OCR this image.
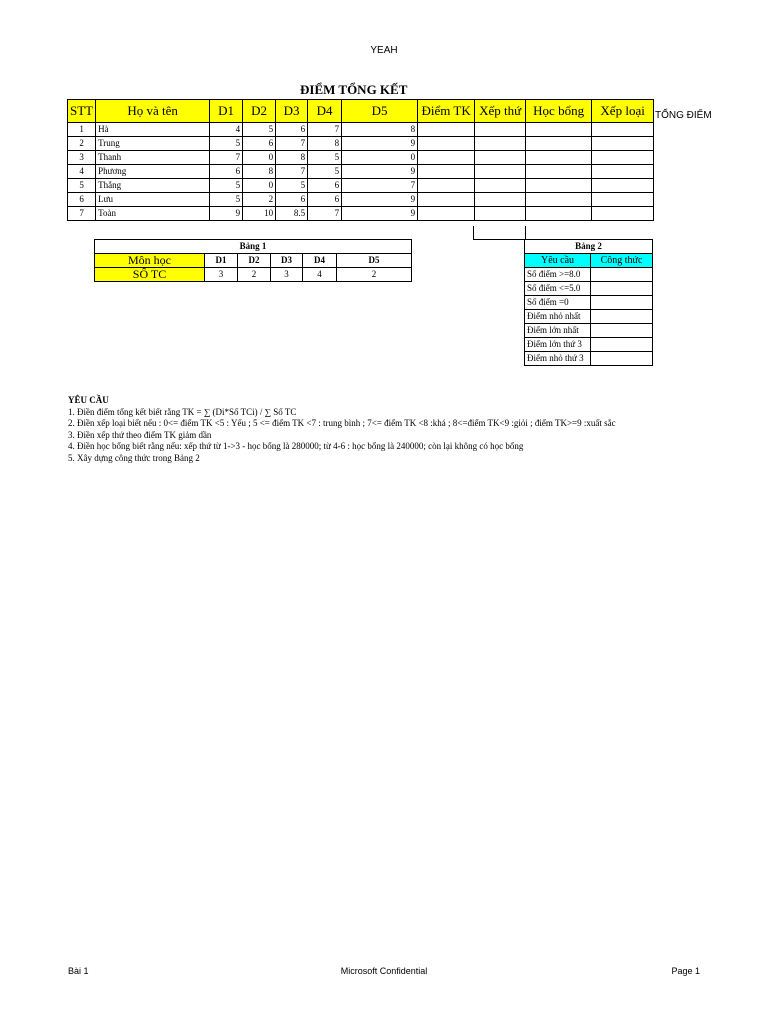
YEAH
ĐIỂM TỔNG KẾT
STT	Họ và tên	D1	D2	D3	D4	D5	Điểm TK	Xếp thứ	Học bổng	Xếp loại
1	Hà	4	5	6	7	8				
2	Trung	5	6	7	8	9				
3	Thanh	7	0	8	5	0				
4	Phương	6	8	7	5	9				
5	Thắng	5	0	5	6	7				
6	Lưu	5	2	6	6	9				
7	Toàn	9	10	8.5	7	9				
TỔNG ĐIỂM
Bảng 1					
Môn học	D1	D2	D3	D4	D5
SỐ TC	3	2	3	4	2
Bảng 2	
Yêu cầu	Công thức
Số điểm >=8.0	
Số điểm <=5.0	
Số điểm =0	
Điểm nhỏ nhất	
Điểm lớn nhất	
Điểm lớn thứ 3	
Điểm nhỏ thứ 3	
YÊU CẦU
1. Điền điểm tổng kết biết rằng TK = ∑ (Di*Số TCi) / ∑ Số TC
2. Điền xếp loại biết nếu : 0<= điểm TK <5 : Yếu ; 5 <= điểm TK <7 : trung bình ; 7<= điểm TK <8 :khá ; 8<=điểm TK<9 :giỏi ; điểm TK>=9 :xuất sắc
3. Điền xếp thứ theo điểm TK giảm dần
4. Điền học bổng biết rằng nếu: xếp thứ từ 1->3 - học bổng là 280000; từ 4-6 : học bổng là 240000; còn lại không có học bổng
5. Xây dựng công thức trong Bảng 2
Bài 1	Microsoft Confidential	Page 1
